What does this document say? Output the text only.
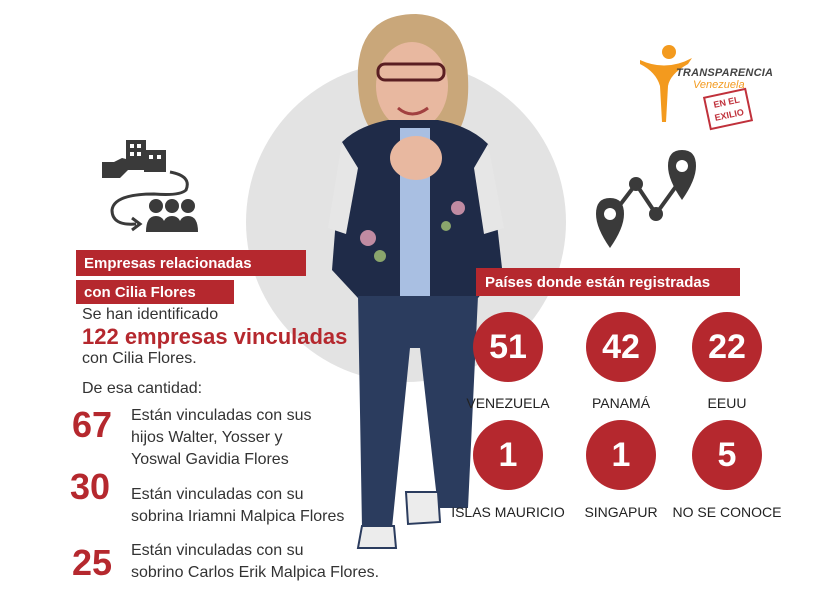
TRANSPARENCIA
Venezuela
EN EL EXILIO
Empresas relacionadas
con Cilia Flores
Se han identificado
122 empresas vinculadas
con Cilia Flores.
De esa cantidad:
67 Están vinculadas con sus
hijos Walter, Yosser y
Yoswal Gavidia Flores
30 Están vinculadas con su
sobrina Iriamni Malpica Flores
25 Están vinculadas con su
sobrino Carlos Erik Malpica Flores.
Países donde están registradas
51
VENEZUELA
42
PANAMÁ
22
EEUU
1
ISLAS MAURICIO
1
SINGAPUR
5
NO SE CONOCE
